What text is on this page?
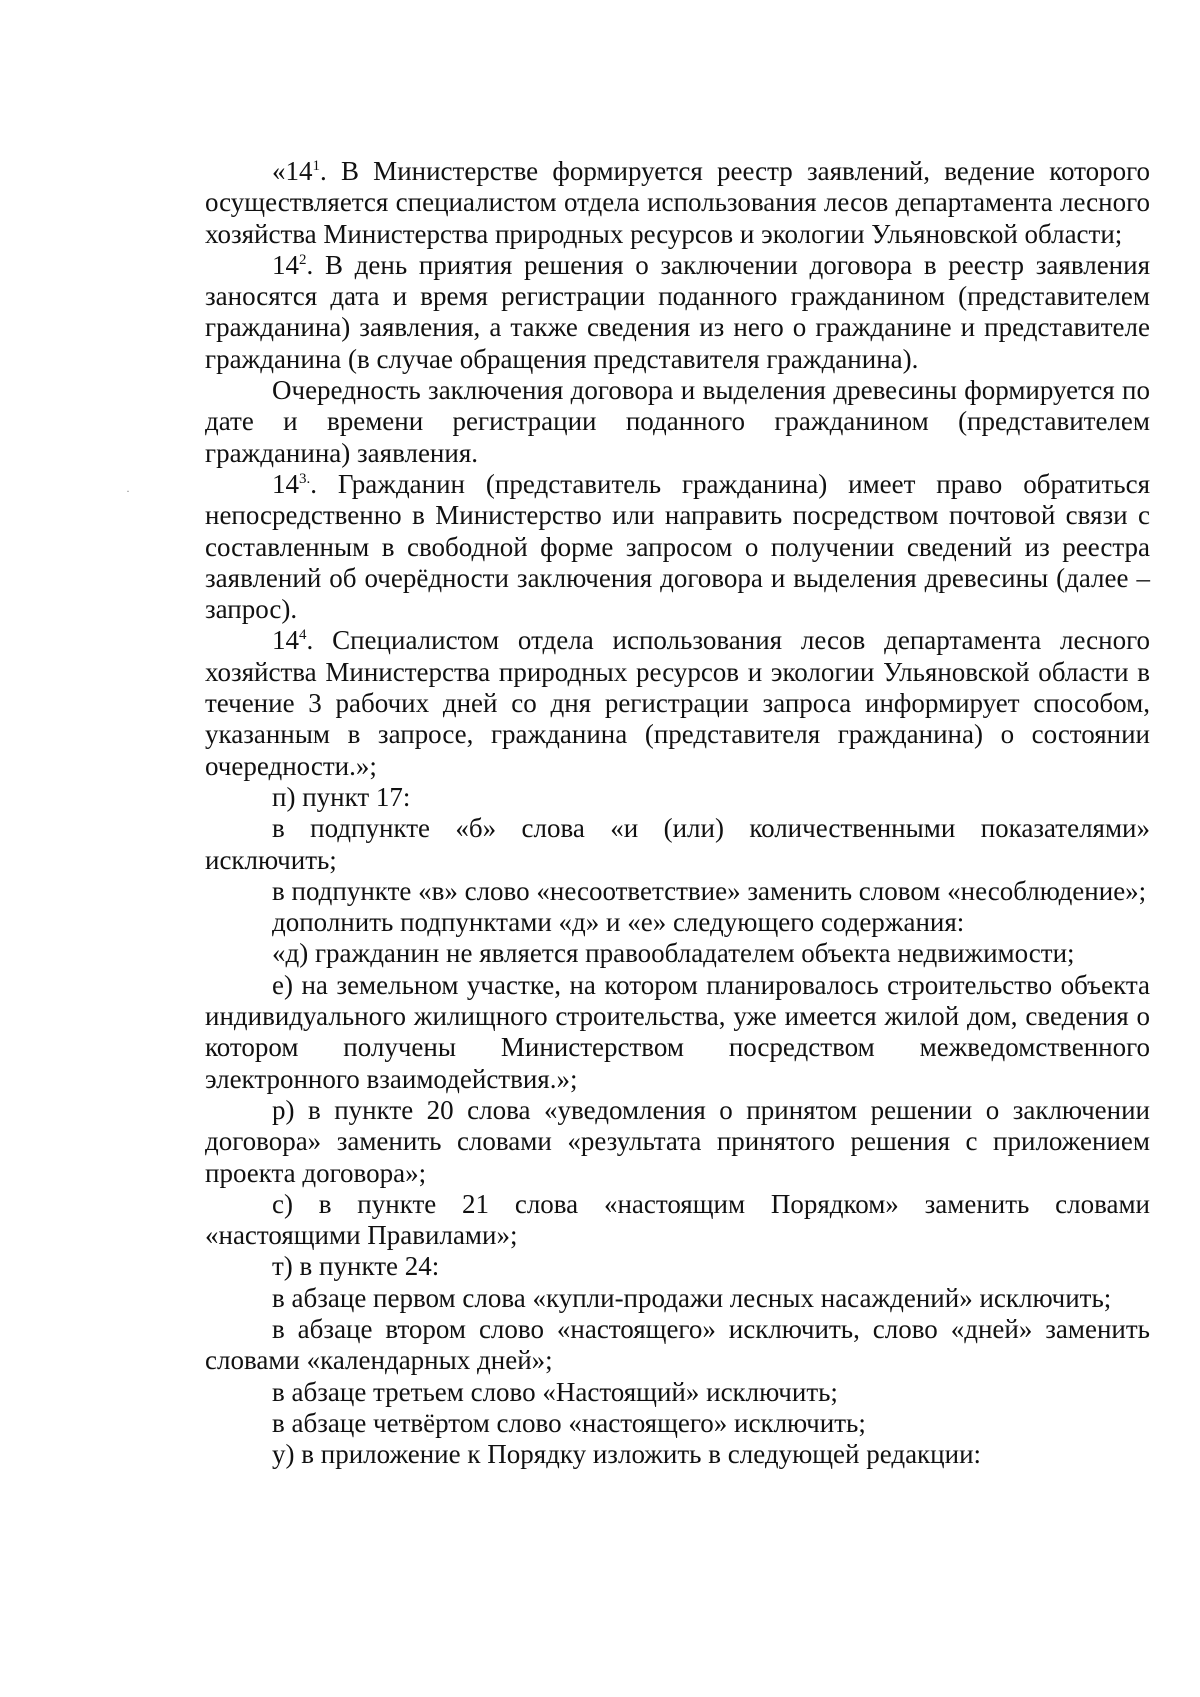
·

«$14^1$. В Министерстве формируется реестр заявлений, ведение которого осуществляется специалистом отдела использования лесов департамента лесного хозяйства Министерства природных ресурсов и экологии Ульяновской области;

$14^2$. В день приятия решения о заключении договора в реестр заявления заносятся дата и время регистрации поданного гражданином (представителем гражданина) заявления, а также сведения из него о гражданине и представителе гражданина (в случае обращения представителя гражданина).

Очередность заключения договора и выделения древесины формируется по дате и времени регистрации поданного гражданином (представителем гражданина) заявления.

$14^{3.}$. Гражданин (представитель гражданина) имеет право обратиться непосредственно в Министерство или направить посредством почтовой связи с составленным в свободной форме запросом о получении сведений из реестра заявлений об очерёдности заключения договора и выделения древесины (далее – запрос).

$14^4$. Специалистом отдела использования лесов департамента лесного хозяйства Министерства природных ресурсов и экологии Ульяновской области в течение 3 рабочих дней со дня регистрации запроса информирует способом, указанным в запросе, гражданина (представителя гражданина) о состоянии очередности.»;

п) пункт 17:

в подпункте «б» слова «и (или) количественными показателями» исключить;

в подпункте «в» слово «несоответствие» заменить словом «несоблюдение»;

дополнить подпунктами «д» и «е» следующего содержания:

«д) гражданин не является правообладателем объекта недвижимости;

е) на земельном участке, на котором планировалось строительство объекта индивидуального жилищного строительства, уже имеется жилой дом, сведения о котором получены Министерством посредством межведомственного электронного взаимодействия.»;

р) в пункте 20 слова «уведомления о принятом решении о заключении договора» заменить словами «результата принятого решения с приложением проекта договора»;

с) в пункте 21 слова «настоящим Порядком» заменить словами «настоящими Правилами»;

т) в пункте 24:

в абзаце первом слова «купли-продажи лесных насаждений» исключить;

в абзаце втором слово «настоящего» исключить, слово «дней» заменить словами «календарных дней»;

в абзаце третьем слово «Настоящий» исключить;

в абзаце четвёртом слово «настоящего» исключить;

у) в приложение к Порядку изложить в следующей редакции:
